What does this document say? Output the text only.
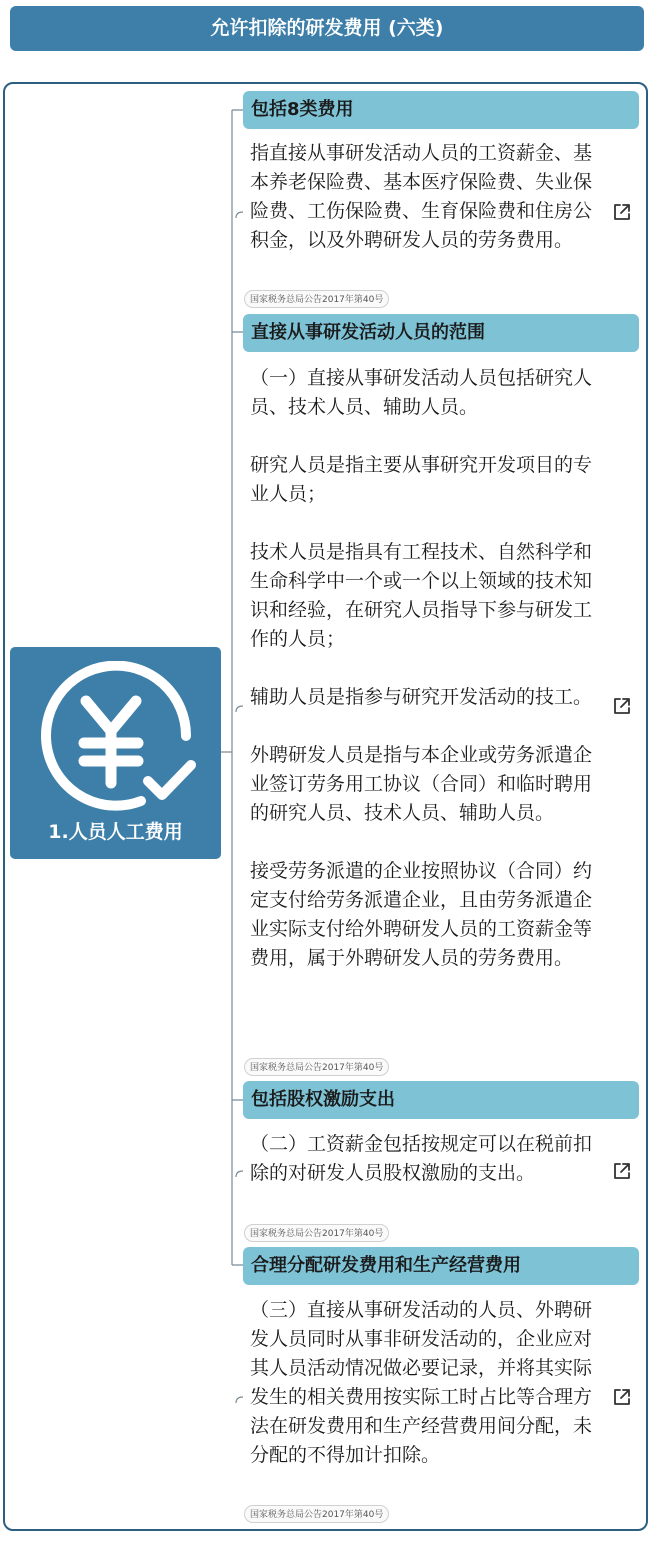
允许扣除的研发费用 (六类)
1.人员人工费用
包括8类费用

指直接从事研发活动人员的工资薪金、基本养老保险费、基本医疗保险费、失业保险费、工伤保险费、生育保险费和住房公积金，以及外聘研发人员的劳务费用。

国家税务总局公告2017年第40号
直接从事研发活动人员的范围

（一）直接从事研发活动人员包括研究人员、技术人员、辅助人员。

研究人员是指主要从事研究开发项目的专业人员；

技术人员是指具有工程技术、自然科学和生命科学中一个或一个以上领域的技术知识和经验，在研究人员指导下参与研发工作的人员；

辅助人员是指参与研究开发活动的技工。

外聘研发人员是指与本企业或劳务派遣企业签订劳务用工协议（合同）和临时聘用的研究人员、技术人员、辅助人员。

接受劳务派遣的企业按照协议（合同）约定支付给劳务派遣企业，且由劳务派遣企业实际支付给外聘研发人员的工资薪金等费用，属于外聘研发人员的劳务费用。

国家税务总局公告2017年第40号
包括股权激励支出

（二）工资薪金包括按规定可以在税前扣除的对研发人员股权激励的支出。

国家税务总局公告2017年第40号
合理分配研发费用和生产经营费用

（三）直接从事研发活动的人员、外聘研发人员同时从事非研发活动的，企业应对其人员活动情况做必要记录，并将其实际发生的相关费用按实际工时占比等合理方法在研发费用和生产经营费用间分配，未分配的不得加计扣除。

国家税务总局公告2017年第40号
